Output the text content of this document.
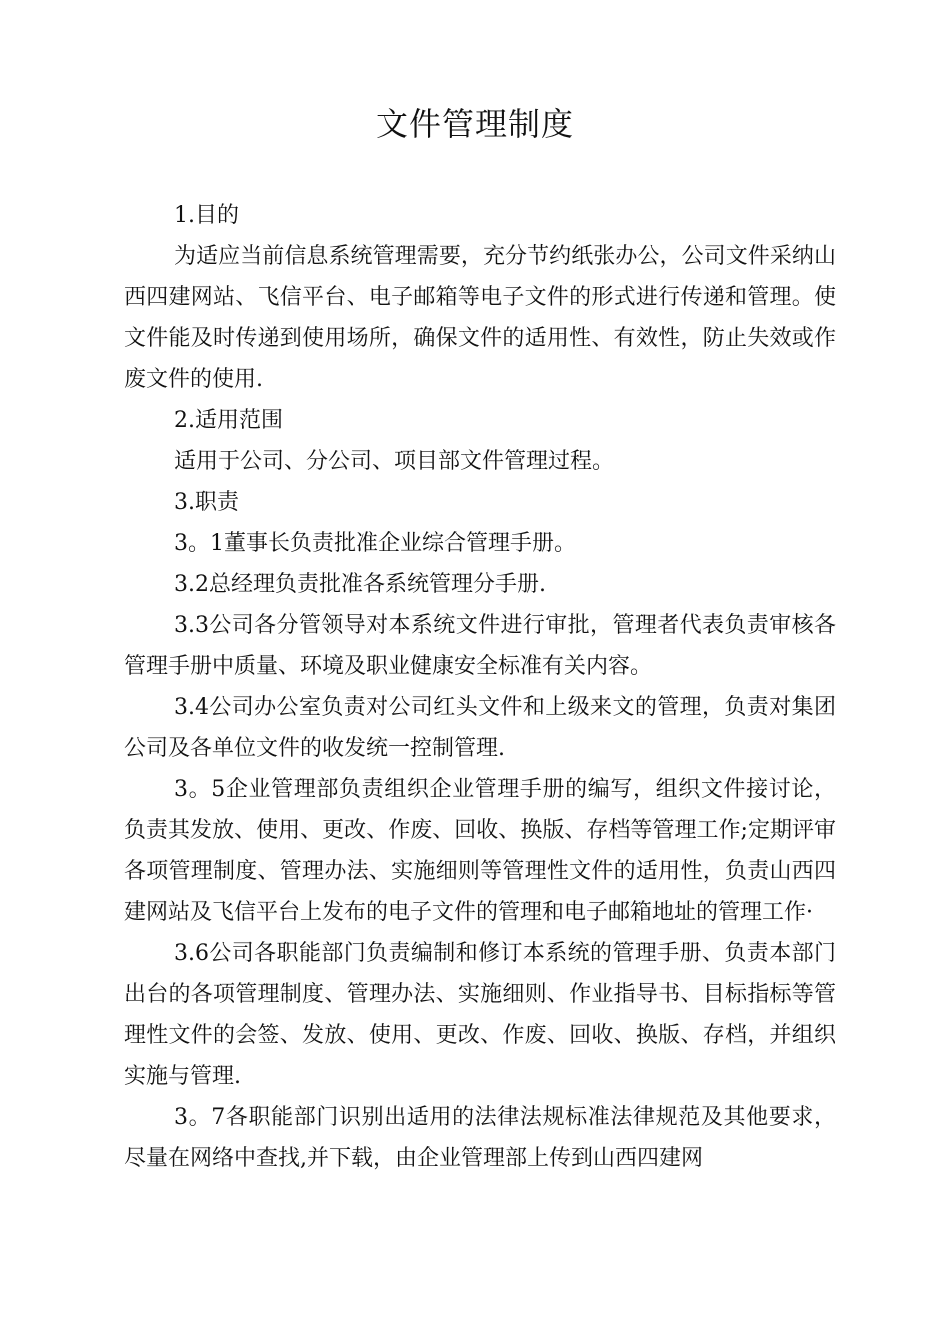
文件管理制度

1.目的

为适应当前信息系统管理需要，充分节约纸张办公，公司文件采纳山西四建网站、飞信平台、电子邮箱等电子文件的形式进行传递和管理。使文件能及时传递到使用场所，确保文件的适用性、有效性，防止失效或作废文件的使用.

2.适用范围

适用于公司、分公司、项目部文件管理过程。

3.职责

3。1董事长负责批准企业综合管理手册。

3.2总经理负责批准各系统管理分手册.

3.3公司各分管领导对本系统文件进行审批，管理者代表负责审核各管理手册中质量、环境及职业健康安全标准有关内容。

3.4公司办公室负责对公司红头文件和上级来文的管理，负责对集团公司及各单位文件的收发统一控制管理.

3。5企业管理部负责组织企业管理手册的编写，组织文件接讨论，负责其发放、使用、更改、作废、回收、换版、存档等管理工作;定期评审各项管理制度、管理办法、实施细则等管理性文件的适用性，负责山西四建网站及飞信平台上发布的电子文件的管理和电子邮箱地址的管理工作·

3.6公司各职能部门负责编制和修订本系统的管理手册、负责本部门出台的各项管理制度、管理办法、实施细则、作业指导书、目标指标等管理性文件的会签、发放、使用、更改、作废、回收、换版、存档，并组织实施与管理.

3。7各职能部门识别出适用的法律法规标准法律规范及其他要求，尽量在网络中查找,并下载，由企业管理部上传到山西四建网
